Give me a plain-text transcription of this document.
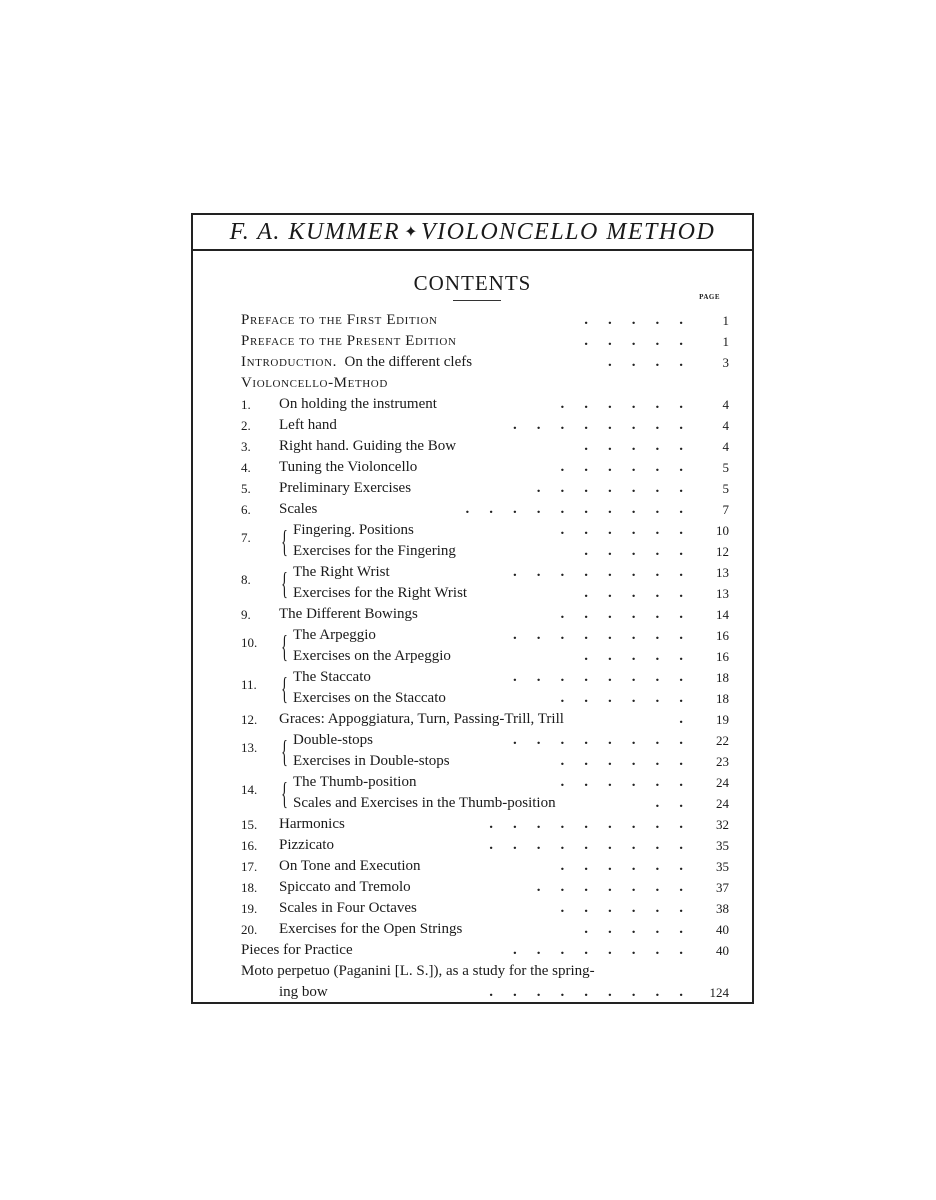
F. A. KUMMER ✦ VIOLONCELLO METHOD
CONTENTS
PAGE
Preface to the First Edition	.....	1
Preface to the Present Edition	.....	1
Introduction. On the different clefs	....	3
Violoncello-Method
1.	On holding the instrument	......	4
2.	Left hand	........	4
3.	Right hand. Guiding the Bow	.....	4
4.	Tuning the Violoncello	......	5
5.	Preliminary Exercises	.......	5
6.	Scales	..........	7
7. { Fingering. Positions	......	10
Exercises for the Fingering	.....	12
8. { The Right Wrist	........	13
Exercises for the Right Wrist	.....	13
9.	The Different Bowings	......	14
10. { The Arpeggio	........	16
Exercises on the Arpeggio	.....	16
11. { The Staccato	........	18
Exercises on the Staccato	......	18
12.	Graces: Appoggiatura, Turn, Passing-Trill, Trill	.	19
13. { Double-stops	........	22
Exercises in Double-stops	......	23
14. { The Thumb-position	......	24
Scales and Exercises in the Thumb-position	..	24
15.	Harmonics	.........	32
16.	Pizzicato	.........	35
17.	On Tone and Execution	......	35
18.	Spiccato and Tremolo	.......	37
19.	Scales in Four Octaves	......	38
20.	Exercises for the Open Strings	.....	40
Pieces for Practice	........	40
Moto perpetuo (Paganini [L. S.]), as a study for the spring-
ing bow	......... 124
